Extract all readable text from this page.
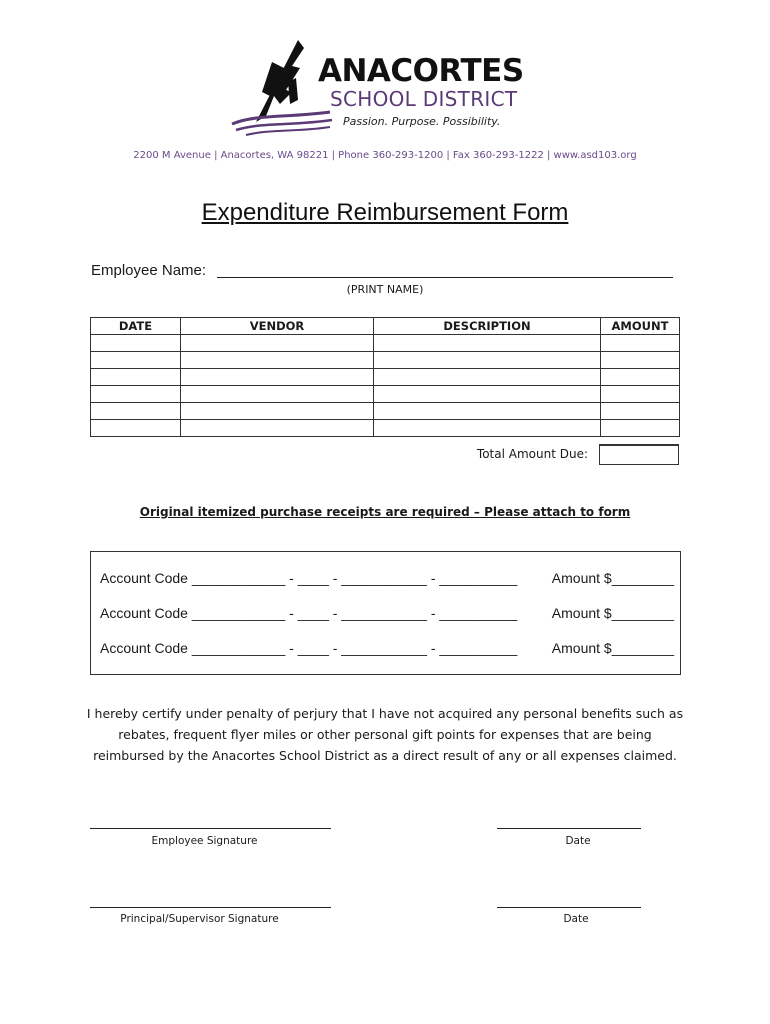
ANACORTES
SCHOOL DISTRICT
Passion. Purpose. Possibility.
2200 M Avenue | Anacortes, WA 98221 | Phone 360-293-1200 | Fax 360-293-1222 | www.asd103.org
Expenditure Reimbursement Form
Employee Name:
(PRINT NAME)
DATE	VENDOR	DESCRIPTION	AMOUNT

Total Amount Due:
Original itemized purchase receipts are required – Please attach to form
Account Code ____________ - ____ - ___________ - __________ Amount $________
Account Code ____________ - ____ - ___________ - __________ Amount $________
Account Code ____________ - ____ - ___________ - __________ Amount $________
I hereby certify under penalty of perjury that I have not acquired any personal benefits such as rebates, frequent flyer miles or other personal gift points for expenses that are being reimbursed by the Anacortes School District as a direct result of any or all expenses claimed.
Employee Signature	Date
Principal/Supervisor Signature	Date
